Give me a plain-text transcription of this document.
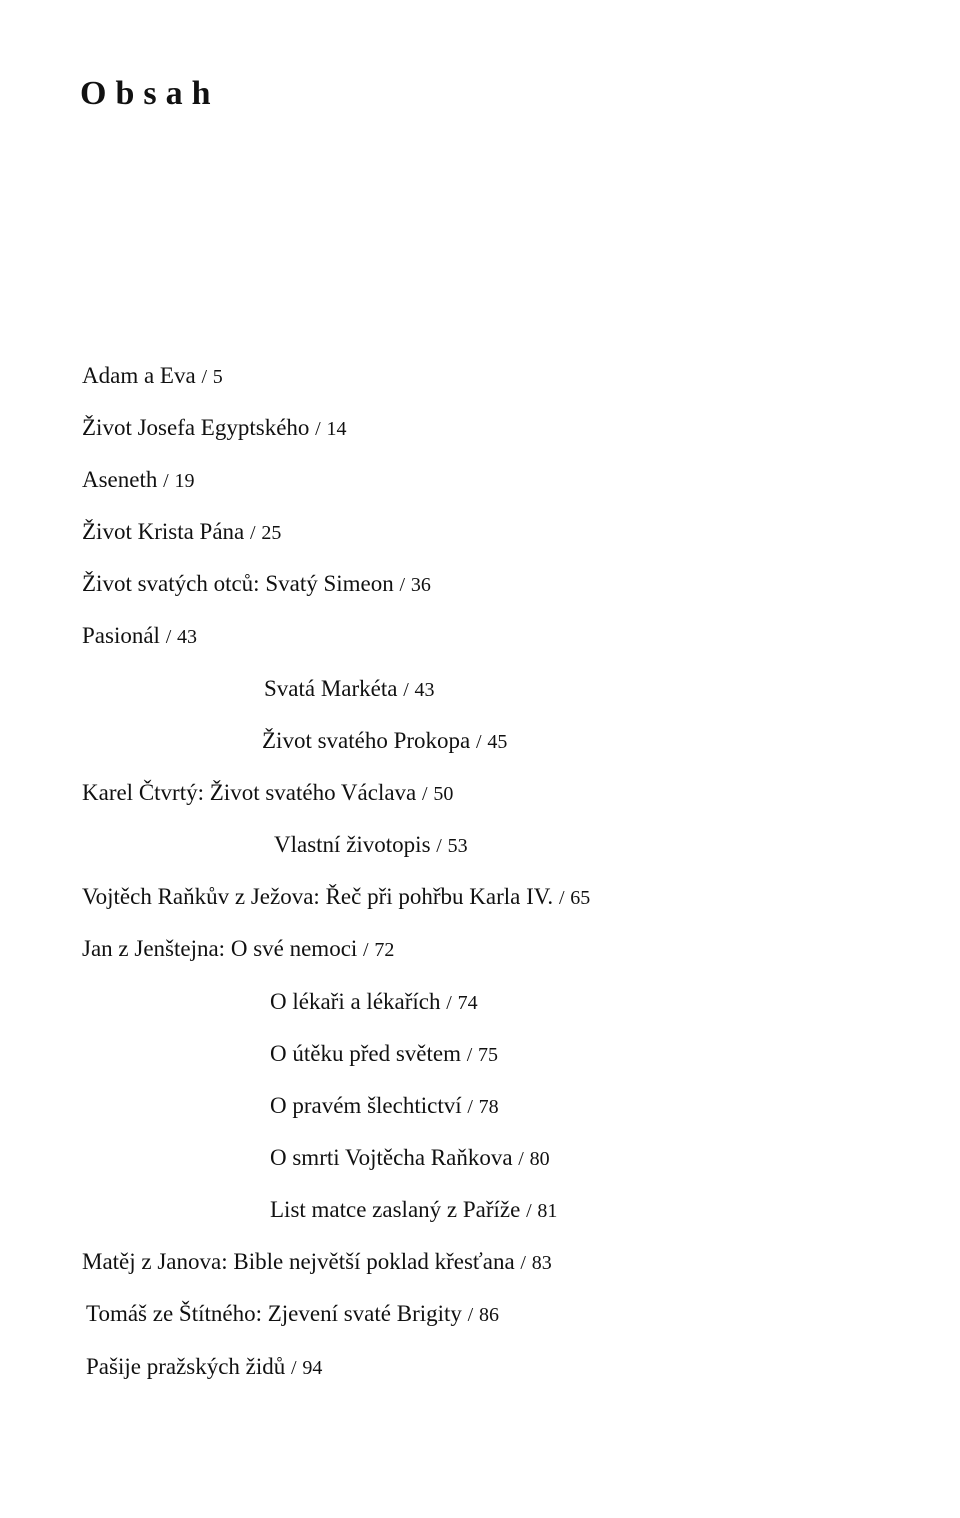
Obsah
Adam a Eva / 5
Život Josefa Egyptského / 14
Aseneth / 19
Život Krista Pána / 25
Život svatých otců: Svatý Simeon / 36
Pasionál / 43
Svatá Markéta / 43
Život svatého Prokopa / 45
Karel Čtvrtý: Život svatého Václava / 50
Vlastní životopis / 53
Vojtěch Raňkův z Ježova: Řeč při pohřbu Karla IV. / 65
Jan z Jenštejna: O své nemoci / 72
O lékaři a lékařích / 74
O útěku před světem / 75
O pravém šlechtictví / 78
O smrti Vojtěcha Raňkova / 80
List matce zaslaný z Paříže / 81
Matěj z Janova: Bible největší poklad křesťana / 83
Tomáš ze Štítného: Zjevení svaté Brigity / 86
Pašije pražských židů / 94
